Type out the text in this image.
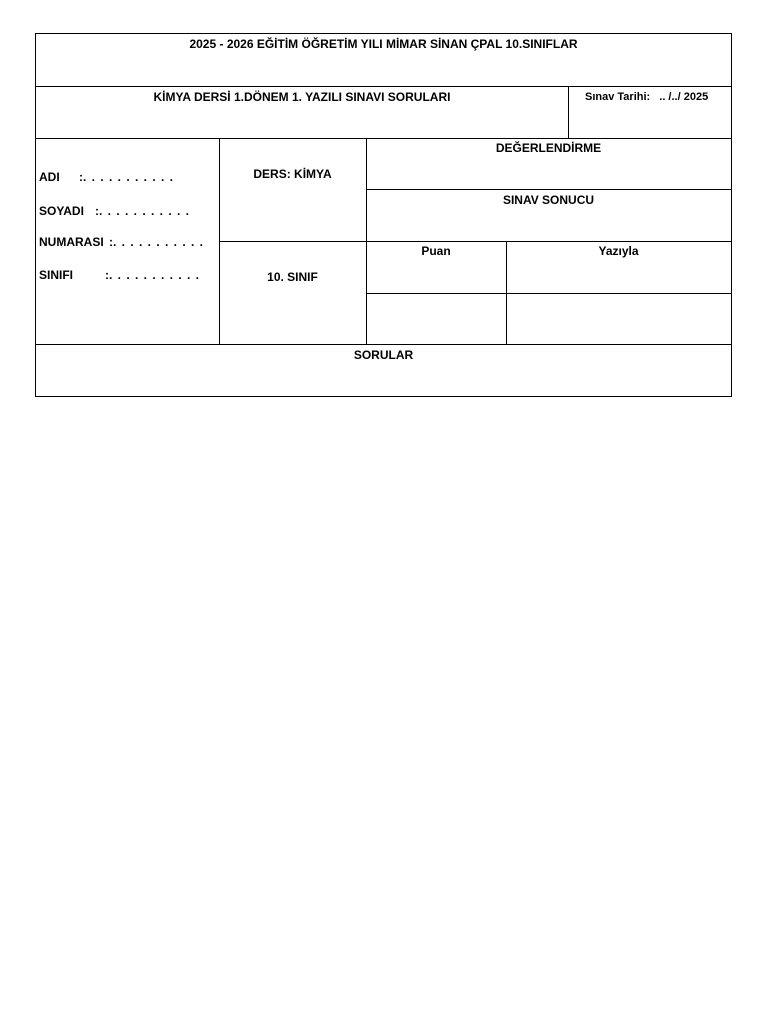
2025 - 2026 EĞİTİM ÖĞRETİM YILI MİMAR SİNAN ÇPAL 10.SINIFLAR
KİMYA DERSİ 1.DÖNEM 1. YAZILI SINAVI SORULARI	Sınav Tarihi: .. /../ 2025
ADI :. . . . . . . . . . .
SOYADI :. . . . . . . . . . .
NUMARASI :. . . . . . . . . . .
SINIFI	:. . . . . . . . . . .
DERS: KİMYA
10. SINIF
DEĞERLENDİRME
SINAV SONUCU
Puan	Yazıyla
SORULAR
